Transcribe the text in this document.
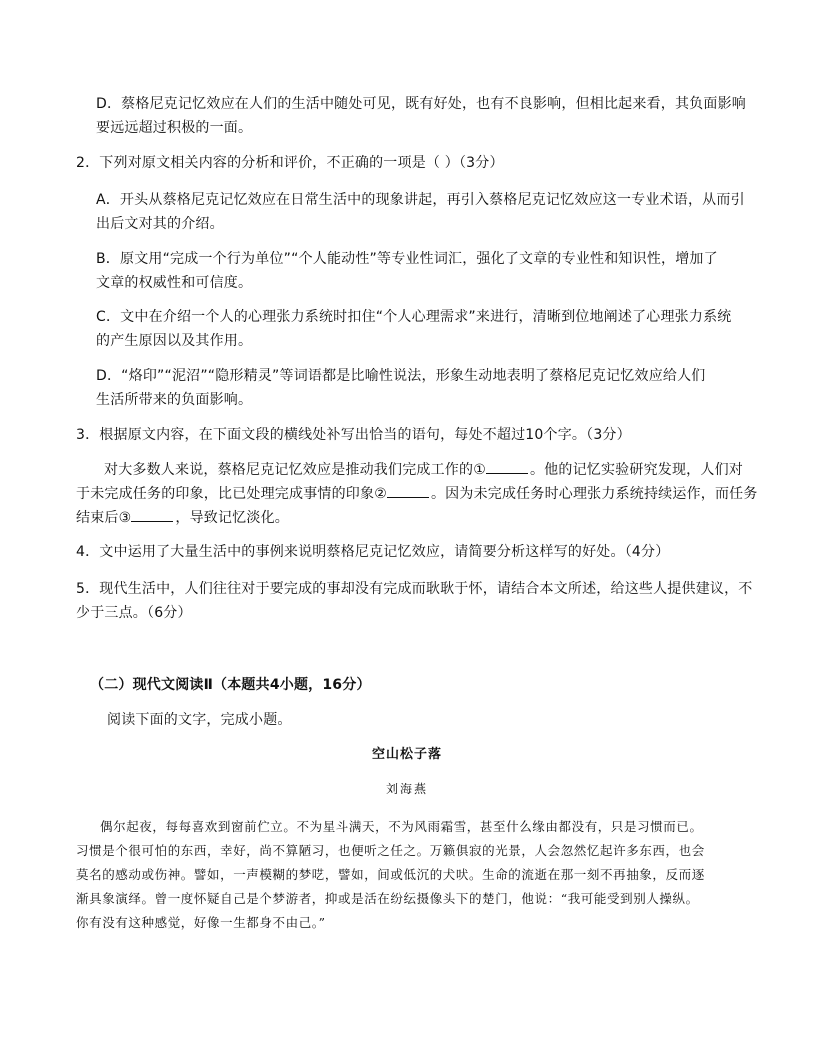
D．蔡格尼克记忆效应在人们的生活中随处可见，既有好处，也有不良影响，但相比起来看，其负面影响
要远远超过积极的一面。
2．下列对原文相关内容的分析和评价，不正确的一项是（ ）（3分）
A．开头从蔡格尼克记忆效应在日常生活中的现象讲起，再引入蔡格尼克记忆效应这一专业术语，从而引
出后文对其的介绍。
B．原文用“完成一个行为单位”“个人能动性”等专业性词汇，强化了文章的专业性和知识性，增加了
文章的权威性和可信度。
C．文中在介绍一个人的心理张力系统时扣住“个人心理需求”来进行，清晰到位地阐述了心理张力系统
的产生原因以及其作用。
D．“烙印”“泥沼”“隐形精灵”等词语都是比喻性说法，形象生动地表明了蔡格尼克记忆效应给人们
生活所带来的负面影响。
3．根据原文内容，在下面文段的横线处补写出恰当的语句，每处不超过10个字。（3分）
对大多数人来说，蔡格尼克记忆效应是推动我们完成工作的①	。他的记忆实验研究发现，人们对
于未完成任务的印象，比已处理完成事情的印象②	。因为未完成任务时心理张力系统持续运作，而任务
结束后③	，导致记忆淡化。
4．文中运用了大量生活中的事例来说明蔡格尼克记忆效应，请简要分析这样写的好处。（4分）
5．现代生活中，人们往往对于要完成的事却没有完成而耿耿于怀，请结合本文所述，给这些人提供建议，不
少于三点。（6分）
（二）现代文阅读Ⅱ（本题共4小题，16分）
阅读下面的文字，完成小题。
空山松子落
刘海燕
偶尔起夜，每每喜欢到窗前伫立。不为星斗满天，不为风雨霜雪，甚至什么缘由都没有，只是习惯而已。
习惯是个很可怕的东西，幸好，尚不算陋习，也便听之任之。万籁俱寂的光景，人会忽然忆起许多东西，也会
莫名的感动或伤神。譬如，一声模糊的梦呓，譬如，间或低沉的犬吠。生命的流逝在那一刻不再抽象，反而逐
渐具象演绎。曾一度怀疑自己是个梦游者，抑或是活在纷纭摄像头下的楚门，他说：“我可能受到别人操纵。
你有没有这种感觉，好像一生都身不由己。”
